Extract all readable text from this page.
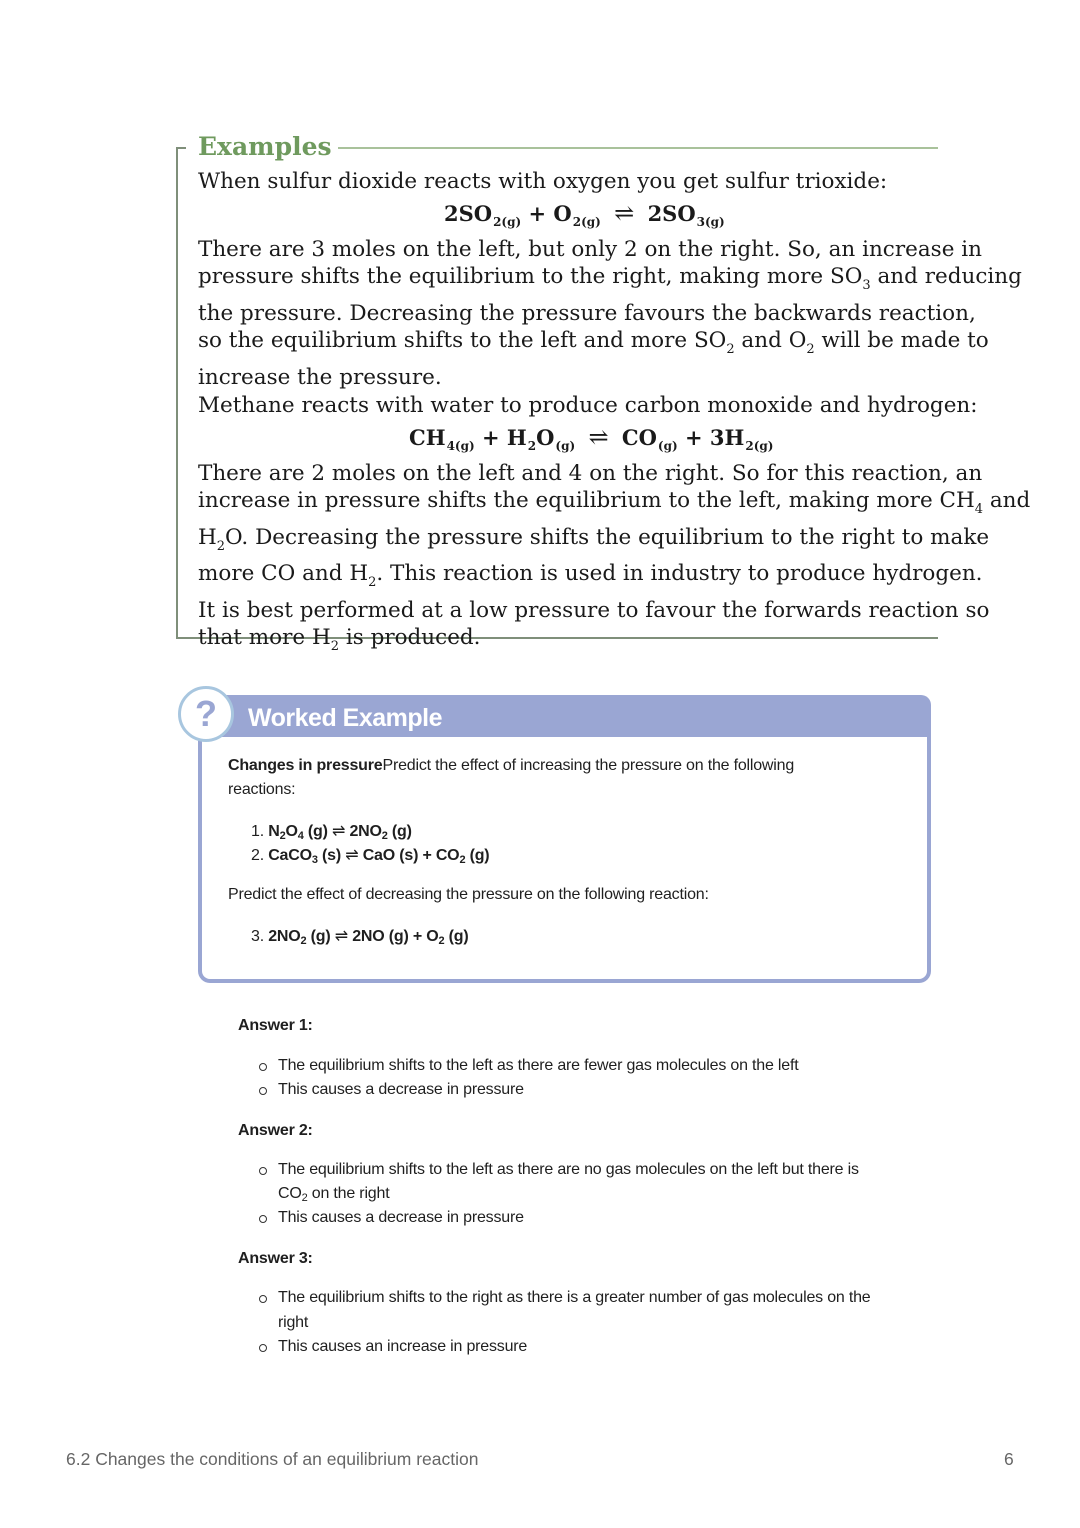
Examples
When sulfur dioxide reacts with oxygen you get sulfur trioxide:
$2SO_{2(g)} + O_{2(g)}$ ⇌ $2SO_{3(g)}$
There are 3 moles on the left, but only 2 on the right. So, an increase in
pressure shifts the equilibrium to the right, making more $SO_3$ and reducing
the pressure. Decreasing the pressure favours the backwards reaction,
so the equilibrium shifts to the left and more $SO_2$ and $O_2$ will be made to
increase the pressure.
Methane reacts with water to produce carbon monoxide and hydrogen:
$CH_{4(g)} + H_2O_{(g)}$ ⇌ $CO_{(g)} + 3H_{2(g)}$
There are 2 moles on the left and 4 on the right. So for this reaction, an
increase in pressure shifts the equilibrium to the left, making more $CH_4$ and
$H_2O$. Decreasing the pressure shifts the equilibrium to the right to make
more CO and $H_2$. This reaction is used in industry to produce hydrogen.
It is best performed at a low pressure to favour the forwards reaction so
that more $H_2$ is produced.
Worked Example
Changes in pressurePredict the effect of increasing the pressure on the following
reactions:
1. $N_2O_4$ (g) ⇌ $2NO_2$ (g)
2. CaCO$_3$ (s) ⇌ CaO $(s) + CO_2$ (g)
Predict the effect of decreasing the pressure on the following reaction:
3. $2NO_2$ (g) ⇌ 2NO $(g) + O_2$ (g)
?
Answer 1:
The equilibrium shifts to the left as there are fewer gas molecules on the left
This causes a decrease in pressure
Answer 2:
The equilibrium shifts to the left as there are no gas molecules on the left but there is
$CO_2$ on the right
This causes a decrease in pressure
Answer 3:
The equilibrium shifts to the right as there is a greater number of gas molecules on the
right
This causes an increase in pressure
6.2 Changes the conditions of an equilibrium reaction	6
